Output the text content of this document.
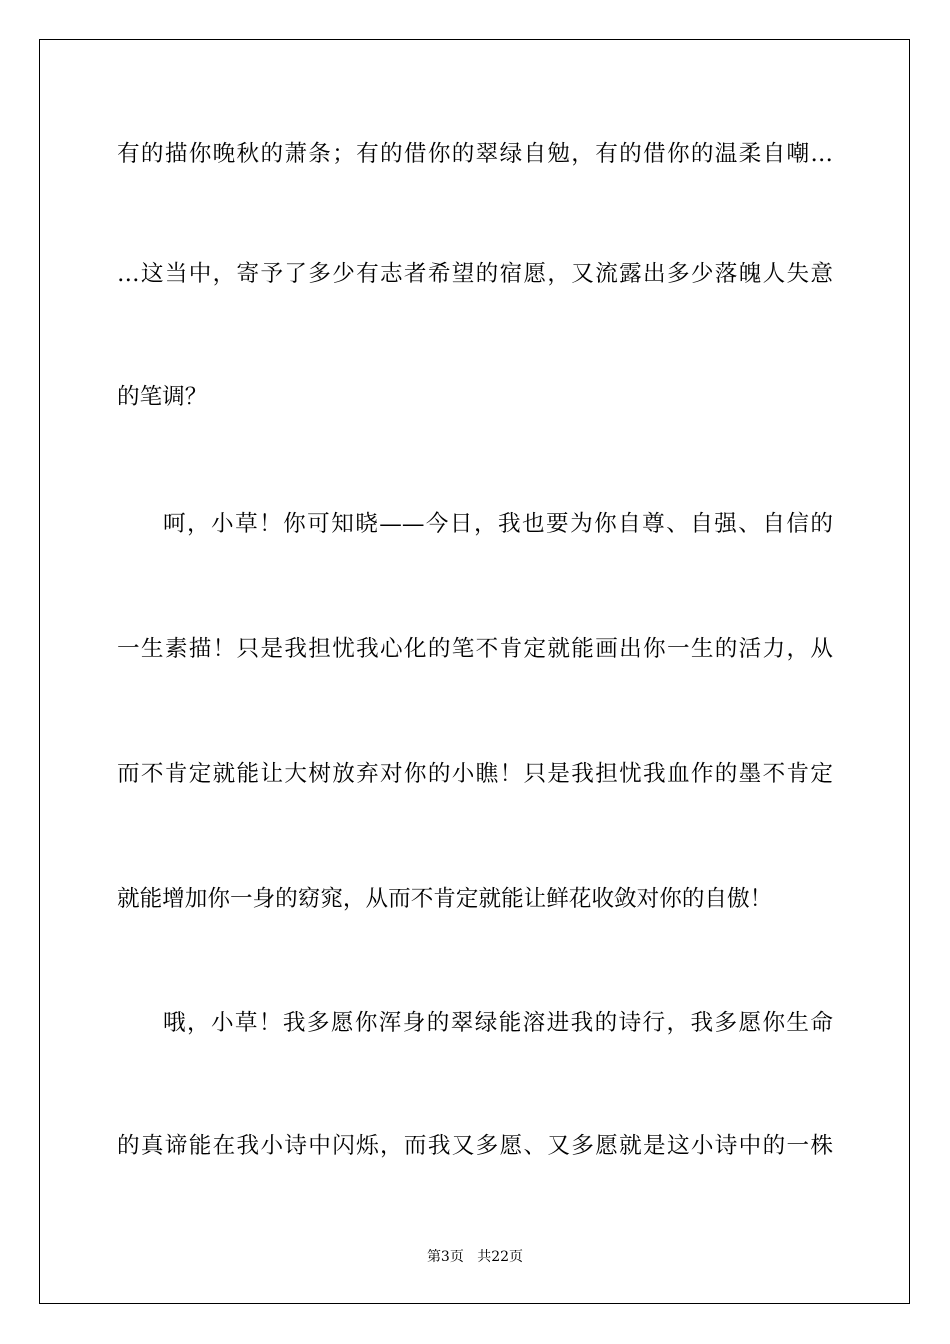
有的描你晚秋的萧条；有的借你的翠绿自勉，有的借你的温柔自嘲…
…这当中，寄予了多少有志者希望的宿愿，又流露出多少落魄人失意
的笔调？
呵，小草！你可知晓——今日，我也要为你自尊、自强、自信的
一生素描！只是我担忧我心化的笔不肯定就能画出你一生的活力，从
而不肯定就能让大树放弃对你的小瞧！只是我担忧我血作的墨不肯定
就能增加你一身的窈窕，从而不肯定就能让鲜花收敛对你的自傲！
哦，小草！我多愿你浑身的翠绿能溶进我的诗行，我多愿你生命
的真谛能在我小诗中闪烁，而我又多愿、又多愿就是这小诗中的一株
第3页 共22页
